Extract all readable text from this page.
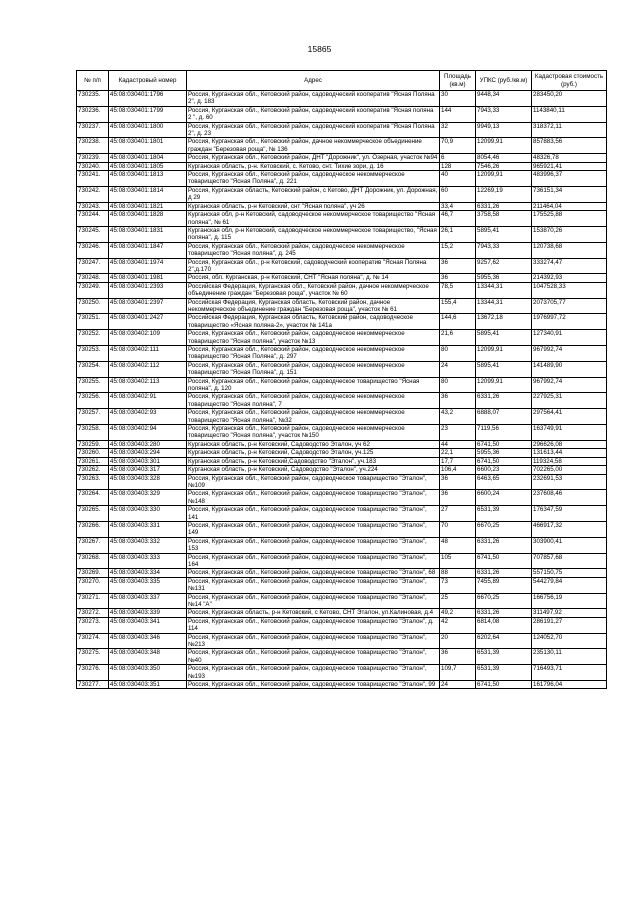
15865
№ п/п	Кадастровый номер	Адрес	Площадь (кв.м)	УПКС (руб./кв.м)	Кадастровая стоимость (руб.)
730235.	45:08:030401:1796	Россия, Курганская обл., Кетовский район, садоводческий кооператив "Ясная Поляна 2", д. 183	30	9448,34	283450,20
730236.	45:08:030401:1799	Россия, Курганская обл., Кетовский район, садоводческий кооператив "Ясная поляна 2 ", д. 60	144	7943,33	1143840,11
730237.	45:08:030401:1800	Россия, Курганская обл., Кетовский район, садоводческий кооператив "Ясная Поляна 2", д. 23	32	9949,13	318372,11
730238.	45:08:030401:1801	Россия, Курганская обл., Кетовский район, дачное некоммерческое объединение граждан "Березовая роща", № 136	70,9	12099,91	857883,56
730239.	45:08:030401:1804	Россия, Курганская обл., Кетовский район, ДНТ "Дорожник", ул. Озерная, участок №94	6	8054,46	48326,78
730240.	45:08:030401:1805	Курганская область, р-н. Кетовский, с. Кетово, снт. Тихие зори, д. 16	128	7546,26	965921,41
730241.	45:08:030401:1813	Россия, Курганская обл., Кетовский район, садоводческое некоммерческое товарищество "Ясная Поляна", д. 221	40	12099,91	483996,37
730242.	45:08:030401:1814	Россия, Курганская область, Кетовский район, с Кетово, ДНТ Дорожник, ул. Дорожная, д 29	60	12269,19	736151,34
730243.	45:08:030401:1821	Курганская область, р-н Кетовский, снт "Ясная поляна", уч 26	33,4	6331,26	211464,04
730244.	45:08:030401:1828	Курганская обл, р-н Кетовский, садоводческое некоммерческое товарищество "Ясная поляна", № 61	46,7	3758,58	175525,88
730245.	45:08:030401:1831	Курганская обл, р-н Кетовский, садоводческое некоммерческое товарищество, "Ясная поляна", д. 115	26,1	5895,41	153870,26
730246.	45:08:030401:1847	Россия, Курганская обл., Кетовский район, садоводческое некоммерческое товарищество "Ясная поляна", д. 245	15,2	7943,33	120738,68
730247.	45:08:030401:1974	Россия, Курганская обл., р-н Кетовский, садоводческий кооператив "Ясная Поляна 2",д.170	36	9257,62	333274,47
730248.	45:08:030401:1981	Россия, обл. Курганская, р-н Кетовский, СНТ "Ясная поляна", д. № 14	36	5955,36	214392,93
730249.	45:08:030401:2393	Российская Федерация, Курганская обл., Кетовский район, дачное некоммерческое объединение граждан "Березовая роща", участок № 60	78,5	13344,31	1047528,33
730250.	45:08:030401:2397	Российская Федерация, Курганская область, Кетовский район, дачное некоммерческое объединение граждан "Березовая роща", участок № 61	155,4	13344,31	2073705,77
730251.	45:08:030401:2427	Российская Федерация, Курганская область, Кетовский район, садоводческое товарищество «Ясная поляна-2», участок № 141а	144,6	13672,18	1976997,72
730252.	45:08:030402:109	Россия, Курганская обл., Кетовский район, садоводческое некоммерческое товарищество "Ясная поляна", участок №13	21,6	5895,41	127340,91
730253.	45:08:030402:111	Россия, Курганская обл., Кетовский район, садоводческое некоммерческое товарищество "Ясная Поляна", д. 297	80	12099,91	967992,74
730254.	45:08:030402:112	Россия, Курганская обл., Кетовский район, садоводческое некоммерческое товарищество "Ясная Поляна", д. 151	24	5895,41	141489,90
730255.	45:08:030402:113	Россия, Курганская обл., Кетовский район, садоводческое товарищество "Ясная поляна", д. 120	80	12099,91	967992,74
730256.	45:08:030402:91	Россия, Курганская обл., Кетовский район, садоводческое некоммерческое товарищество "Ясная поляна", 7	36	6331,26	227925,31
730257.	45:08:030402:93	Россия, Курганская обл., Кетовский район, садоводческое некоммерческое товарищество "Ясная поляна", №32	43,2	6888,07	297564,41
730258.	45:08:030402:94	Россия, Курганская обл., Кетовский район, садоводческое некоммерческое товарищество "Ясная поляна", участок №150	23	7119,56	163749,91
730259.	45:08:030403:280	Курганская область, р-н Кетовский, Садоводство Эталон, уч 62	44	6741,50	296626,08
730260.	45:08:030403:294	Курганская область, р-н Кетовский, Садоводство Эталон, уч.125	22,1	5955,36	131613,44
730261.	45:08:030403:301	Курганская область, р-н Кетовский,Садоводство "Эталон", уч.183	17,7	6741,50	119324,58
730262.	45:08:030403:317	Курганская область, р-н Кетовский, Садоводство "Эталон", уч.224	106,4	6600,23	702265,00
730263.	45:08:030403:328	Россия, Курганская обл., Кетовский район, садоводческое товарищество "Эталон", №109	36	6463,65	232691,53
730264.	45:08:030403:329	Россия, Курганская обл., Кетовский район, садоводческое товарищество "Эталон", №148	36	6600,24	237608,46
730265.	45:08:030403:330	Россия, Курганская обл., Кетовский район, садоводческое товарищество "Эталон", 141	27	6531,39	176347,59
730266.	45:08:030403:331	Россия, Курганская обл., Кетовский район, садоводческое товарищество "Эталон", 149	70	6670,25	466917,32
730267.	45:08:030403:332	Россия, Курганская обл., Кетовский район, садоводческое товарищество "Эталон", 153	48	6331,26	303900,41
730268.	45:08:030403:333	Россия, Курганская обл., Кетовский район, садоводческое товарищество "Эталон", 164	105	6741,50	707857,68
730269.	45:08:030403:334	Россия, Курганская обл., Кетовский район, садоводческое товарищество "Эталон", 68	88	6331,26	557150,75
730270.	45:08:030403:335	Россия, Курганская обл., Кетовский район, садоводческое товарищество "Эталон", №131	73	7455,89	544279,84
730271.	45:08:030403:337	Россия, Курганская обл., Кетовский район, садоводческое товарищество "Эталон", №14 "А"	25	6670,25	166756,19
730272.	45:08:030403:339	Россия, Курганская область, р-н Кетовский, с Кетово, СНТ Эталон, ул.Калиновая, д.4	49,2	6331,26	311497,92
730273.	45:08:030403:341	Россия, Курганская обл., Кетовский район, садоводческое товарищество "Эталон", д. 114	42	6814,08	286191,27
730274.	45:08:030403:346	Россия, Курганская обл., Кетовский район, садоводческое товарищество "Эталон",№213	20	6202,64	124052,70
730275.	45:08:030403:348	Россия, Курганская обл., Кетовский район, садоводческое товарищество "Эталон", №40	36	6531,39	235130,11
730276.	45:08:030403:350	Россия, Курганская обл., Кетовский район, садоводческое товарищество "Эталон", №193	109,7	6531,39	716493,71
730277.	45:08:030403:351	Россия, Курганская обл., Кетовский район, садоводческое товарищество "Эталон", 99	24	6741,50	161796,04
